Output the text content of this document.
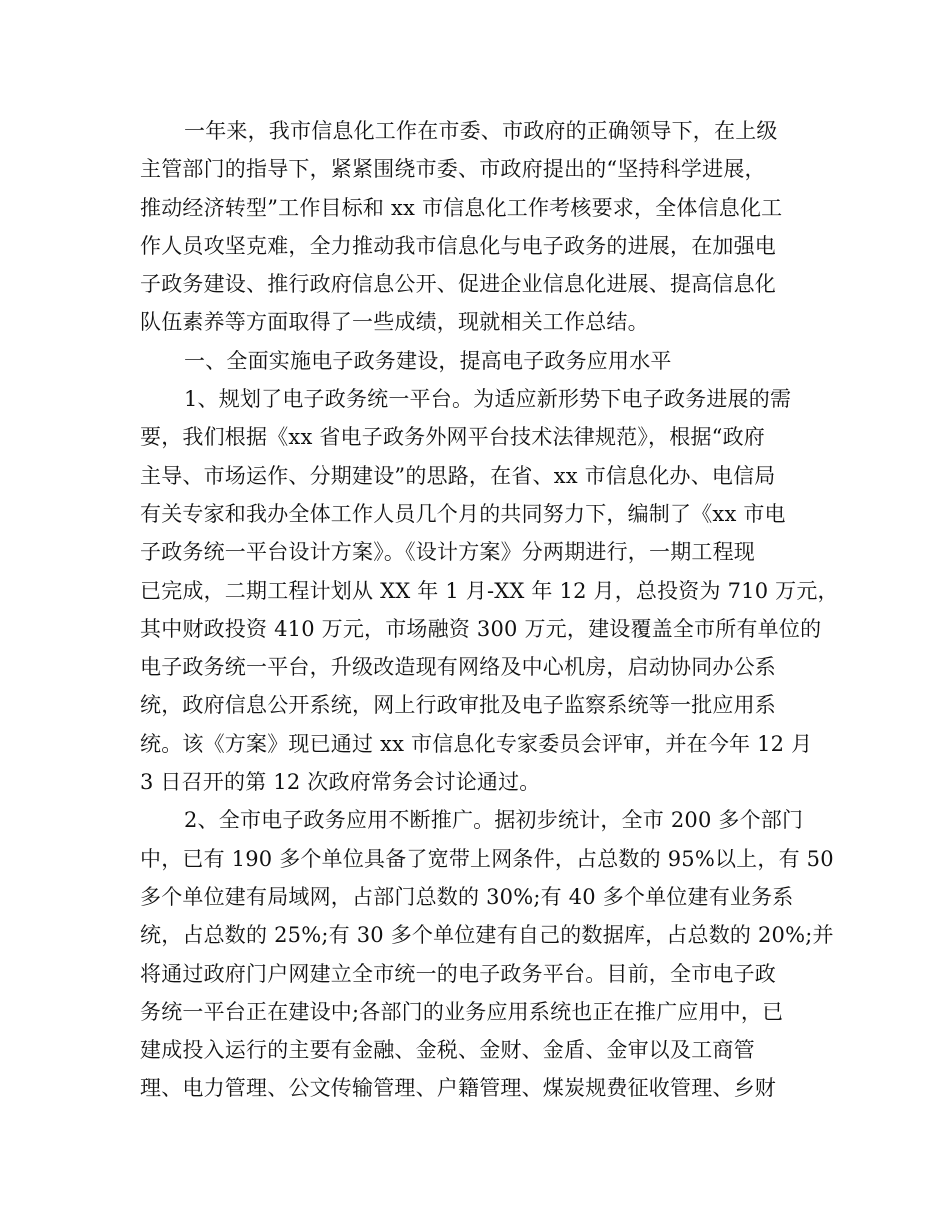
一年来，我市信息化工作在市委、市政府的正确领导下，在上级
主管部门的指导下，紧紧围绕市委、市政府提出的“坚持科学进展，
推动经济转型”工作目标和 xx 市信息化工作考核要求，全体信息化工
作人员攻坚克难，全力推动我市信息化与电子政务的进展，在加强电
子政务建设、推行政府信息公开、促进企业信息化进展、提高信息化
队伍素养等方面取得了一些成绩，现就相关工作总结。
一、全面实施电子政务建设，提高电子政务应用水平
1、规划了电子政务统一平台。为适应新形势下电子政务进展的需
要，我们根据《xx 省电子政务外网平台技术法律规范》，根据“政府
主导、市场运作、分期建设”的思路，在省、xx 市信息化办、电信局
有关专家和我办全体工作人员几个月的共同努力下，编制了《xx 市电
子政务统一平台设计方案》。《设计方案》分两期进行，一期工程现
已完成，二期工程计划从 XX 年 1 月-XX 年 12 月，总投资为 710 万元，
其中财政投资 410 万元，市场融资 300 万元，建设覆盖全市所有单位的
电子政务统一平台，升级改造现有网络及中心机房，启动协同办公系
统，政府信息公开系统，网上行政审批及电子监察系统等一批应用系
统。该《方案》现已通过 xx 市信息化专家委员会评审，并在今年 12 月
3 日召开的第 12 次政府常务会讨论通过。
2、全市电子政务应用不断推广。据初步统计，全市 200 多个部门
中，已有 190 多个单位具备了宽带上网条件，占总数的 95%以上，有 50
多个单位建有局域网，占部门总数的 30%;有 40 多个单位建有业务系
统，占总数的 25%;有 30 多个单位建有自己的数据库，占总数的 20%;并
将通过政府门户网建立全市统一的电子政务平台。目前，全市电子政
务统一平台正在建设中;各部门的业务应用系统也正在推广应用中，已
建成投入运行的主要有金融、金税、金财、金盾、金审以及工商管
理、电力管理、公文传输管理、户籍管理、煤炭规费征收管理、乡财
